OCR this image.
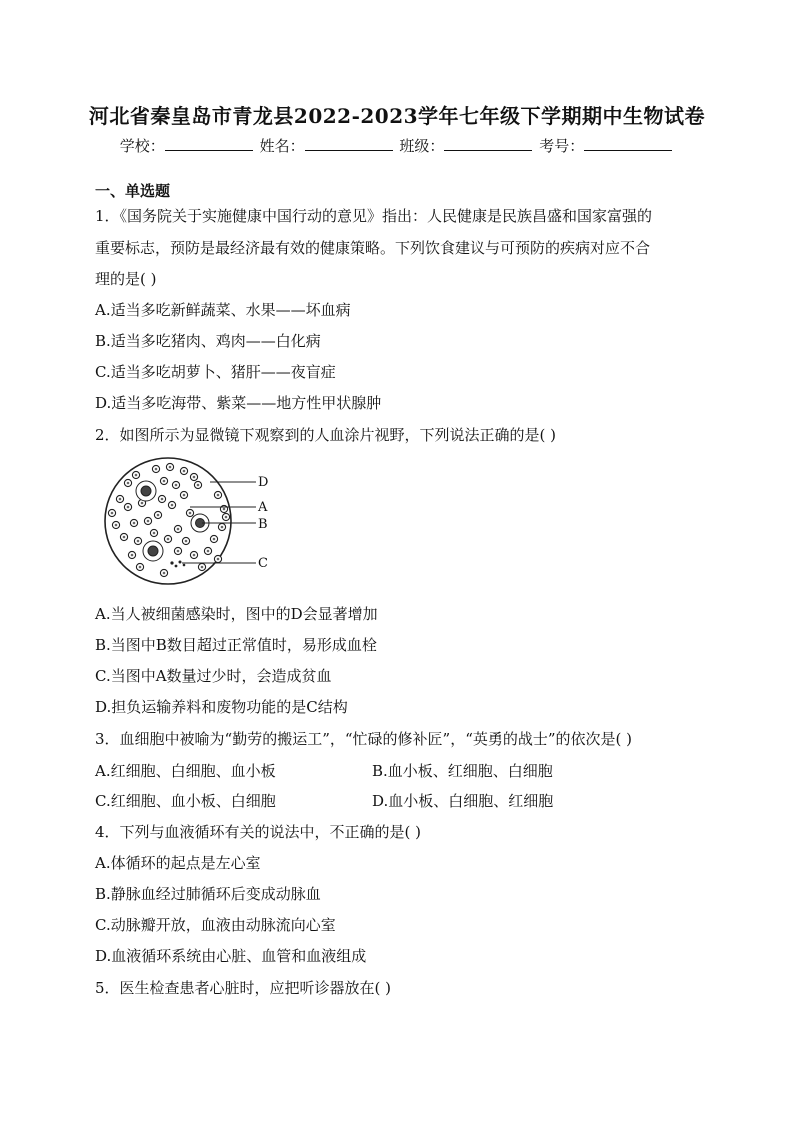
河北省秦皇岛市青龙县2022-2023学年七年级下学期期中生物试卷
学校：	姓名：	班级：	考号：
一、单选题
1．《国务院关于实施健康中国行动的意见》指出：人民健康是民族昌盛和国家富强的
重要标志，预防是最经济最有效的健康策略。下列饮食建议与可预防的疾病对应不合
理的是( )
A.适当多吃新鲜蔬菜、水果——坏血病
B.适当多吃猪肉、鸡肉——白化病
C.适当多吃胡萝卜、猪肝——夜盲症
D.适当多吃海带、紫菜——地方性甲状腺肿
2．如图所示为显微镜下观察到的人血涂片视野，下列说法正确的是( )
D
A
B
C
A.当人被细菌感染时，图中的D会显著增加
B.当图中B数目超过正常值时，易形成血栓
C.当图中A数量过少时，会造成贫血
D.担负运输养料和废物功能的是C结构
3．血细胞中被喻为“勤劳的搬运工”，“忙碌的修补匠”，“英勇的战士”的依次是( )
A.红细胞、白细胞、血小板	B.血小板、红细胞、白细胞
C.红细胞、血小板、白细胞	D.血小板、白细胞、红细胞
4．下列与血液循环有关的说法中，不正确的是( )
A.体循环的起点是左心室
B.静脉血经过肺循环后变成动脉血
C.动脉瓣开放，血液由动脉流向心室
D.血液循环系统由心脏、血管和血液组成
5．医生检查患者心脏时，应把听诊器放在( )
